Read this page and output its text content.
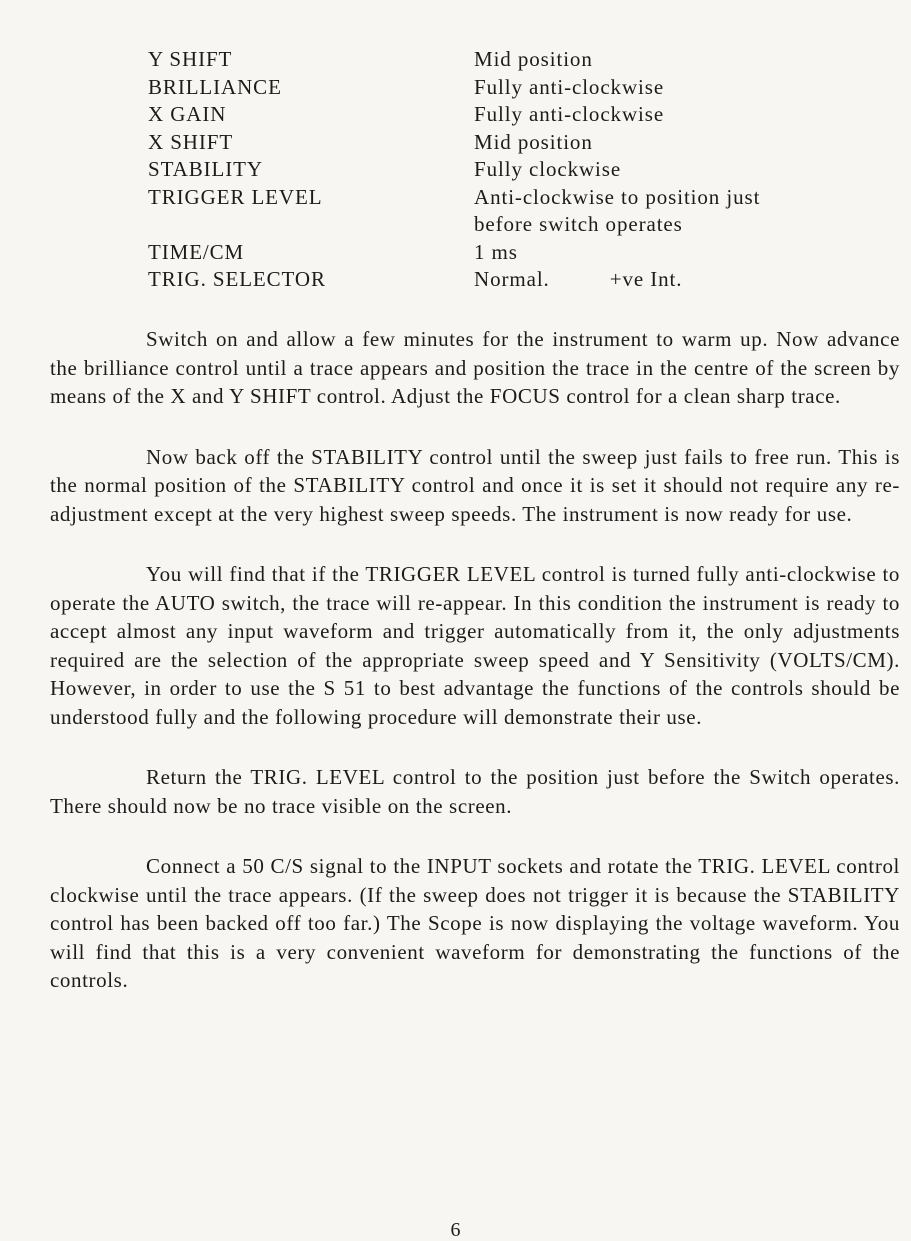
Y SHIFT	Mid position
BRILLIANCE	Fully anti-clockwise
X GAIN	Fully anti-clockwise
X SHIFT	Mid position
STABILITY	Fully clockwise
TRIGGER LEVEL	Anti-clockwise to position just
before switch operates
TIME/CM	1 ms
TRIG. SELECTOR	Normal.	+ve Int.

Switch on and allow a few minutes for the instrument to warm up. Now advance the brilliance control until a trace appears and position the trace in the centre of the screen by means of the X and Y SHIFT control. Adjust the FOCUS control for a clean sharp trace.

Now back off the STABILITY control until the sweep just fails to free run. This is the normal position of the STABILITY control and once it is set it should not require any re-adjustment except at the very highest sweep speeds. The instrument is now ready for use.

You will find that if the TRIGGER LEVEL control is turned fully anti-clockwise to operate the AUTO switch, the trace will re-appear. In this condition the instrument is ready to accept almost any input waveform and trigger automatically from it, the only adjustments required are the selection of the appropriate sweep speed and Y Sensitivity (VOLTS/CM). However, in order to use the S 51 to best advantage the functions of the controls should be understood fully and the following procedure will demonstrate their use.

Return the TRIG. LEVEL control to the position just before the Switch operates. There should now be no trace visible on the screen.

Connect a 50 C/S signal to the INPUT sockets and rotate the TRIG. LEVEL control clockwise until the trace appears. (If the sweep does not trigger it is because the STABILITY control has been backed off too far.) The Scope is now displaying the voltage waveform. You will find that this is a very convenient waveform for demonstrating the functions of the controls.

6
